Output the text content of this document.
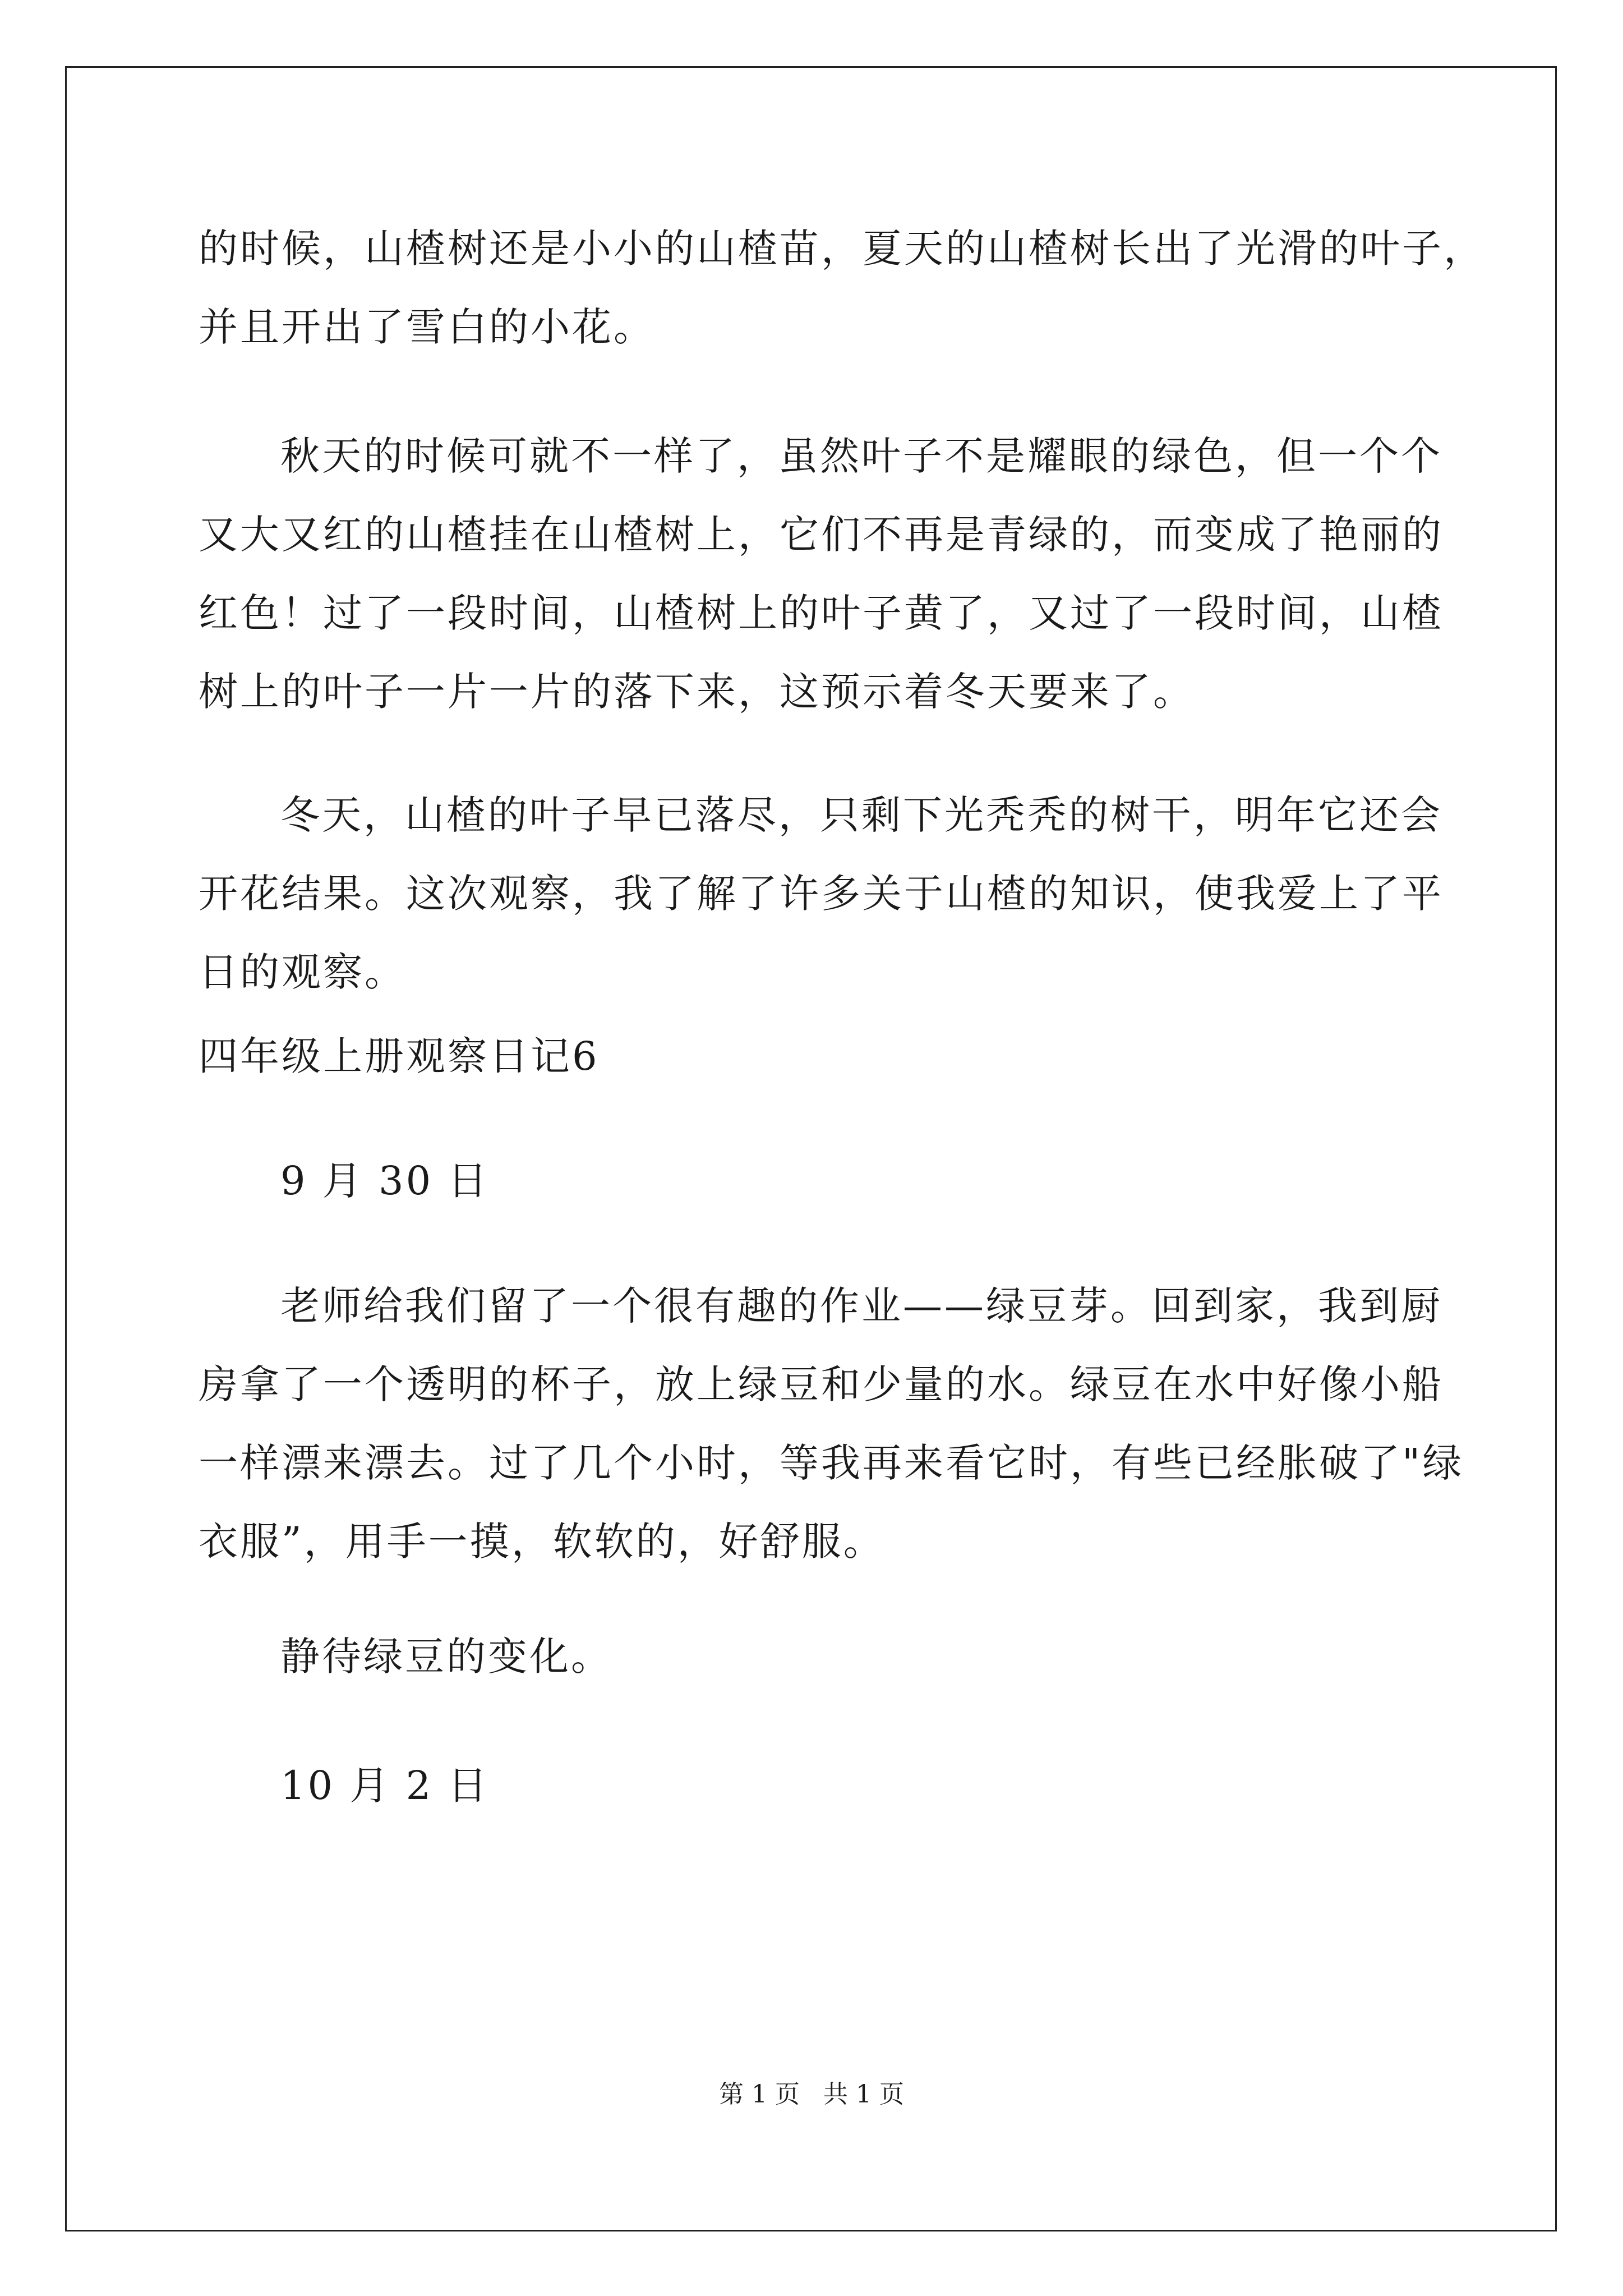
的时候，山楂树还是小小的山楂苗，夏天的山楂树长出了光滑的叶子，
并且开出了雪白的小花。
秋天的时候可就不一样了，虽然叶子不是耀眼的绿色，但一个个
又大又红的山楂挂在山楂树上，它们不再是青绿的，而变成了艳丽的
红色！过了一段时间，山楂树上的叶子黄了，又过了一段时间，山楂
树上的叶子一片一片的落下来，这预示着冬天要来了。
冬天，山楂的叶子早已落尽，只剩下光秃秃的树干，明年它还会
开花结果。这次观察，我了解了许多关于山楂的知识，使我爱上了平
日的观察。
四年级上册观察日记6
9 月 30 日
老师给我们留了一个很有趣的作业——绿豆芽。回到家，我到厨
房拿了一个透明的杯子，放上绿豆和少量的水。绿豆在水中好像小船
一样漂来漂去。过了几个小时，等我再来看它时，有些已经胀破了"绿
衣服”，用手一摸，软软的，好舒服。
静待绿豆的变化。
10 月 2 日
第 1 页   共 1 页
